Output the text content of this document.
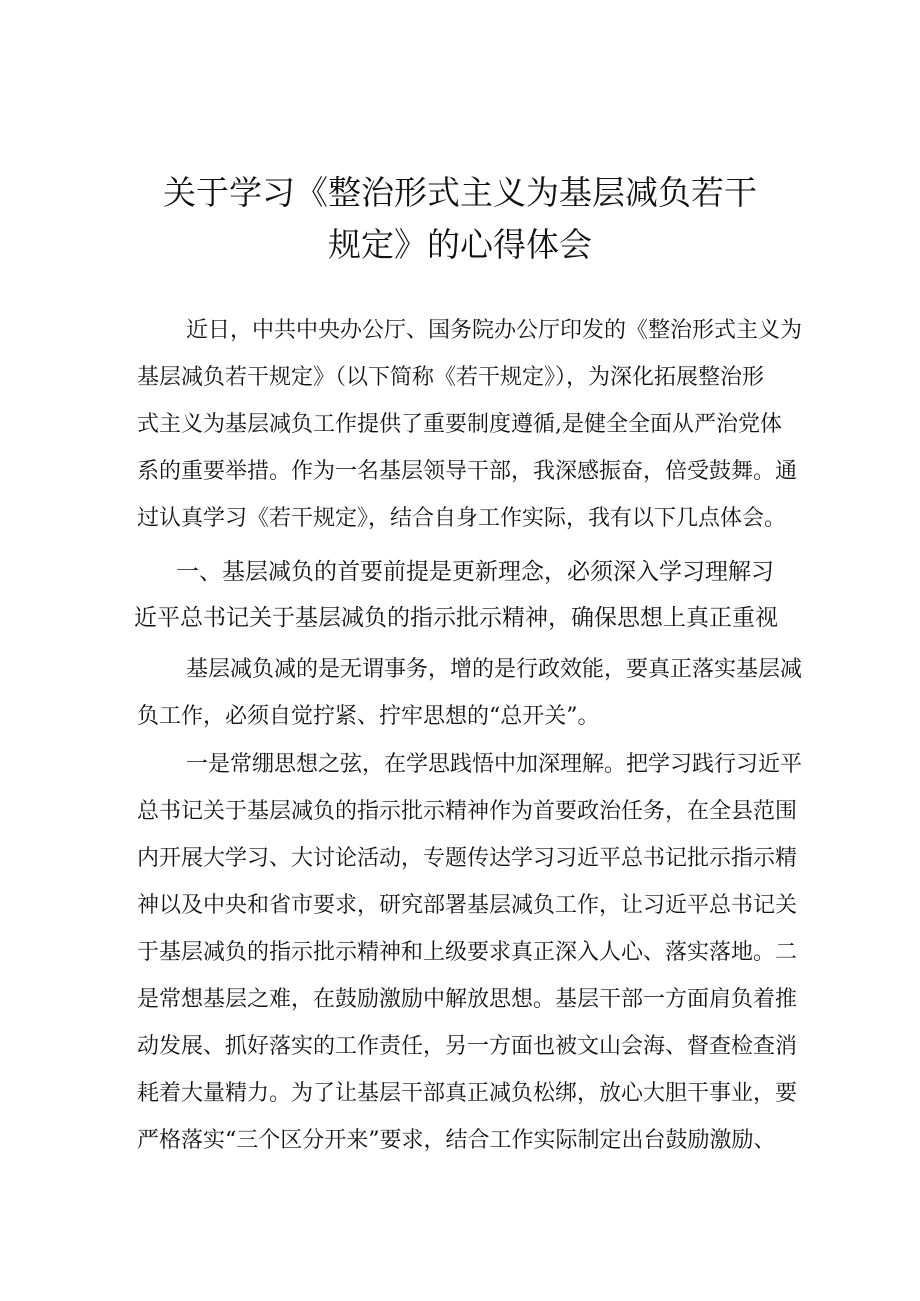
关于学习《整治形式主义为基层减负若干
规定》的心得体会

近日，中共中央办公厅、国务院办公厅印发的《整治形式主义为

基层减负若干规定》（以下简称《若干规定》），为深化拓展整治形

式主义为基层减负工作提供了重要制度遵循,是健全全面从严治党体

系的重要举措。作为一名基层领导干部，我深感振奋，倍受鼓舞。通

过认真学习《若干规定》，结合自身工作实际，我有以下几点体会。

一、基层减负的首要前提是更新理念，必须深入学习理解习

近平总书记关于基层减负的指示批示精神，确保思想上真正重视

基层减负减的是无谓事务，增的是行政效能，要真正落实基层减

负工作，必须自觉拧紧、拧牢思想的“总开关”。

一是常绷思想之弦，在学思践悟中加深理解。把学习践行习近平

总书记关于基层减负的指示批示精神作为首要政治任务，在全县范围

内开展大学习、大讨论活动，专题传达学习习近平总书记批示指示精

神以及中央和省市要求，研究部署基层减负工作，让习近平总书记关

于基层减负的指示批示精神和上级要求真正深入人心、落实落地。二

是常想基层之难，在鼓励激励中解放思想。基层干部一方面肩负着推

动发展、抓好落实的工作责任，另一方面也被文山会海、督查检查消

耗着大量精力。为了让基层干部真正减负松绑，放心大胆干事业，要

严格落实“三个区分开来”要求，结合工作实际制定出台鼓励激励、
